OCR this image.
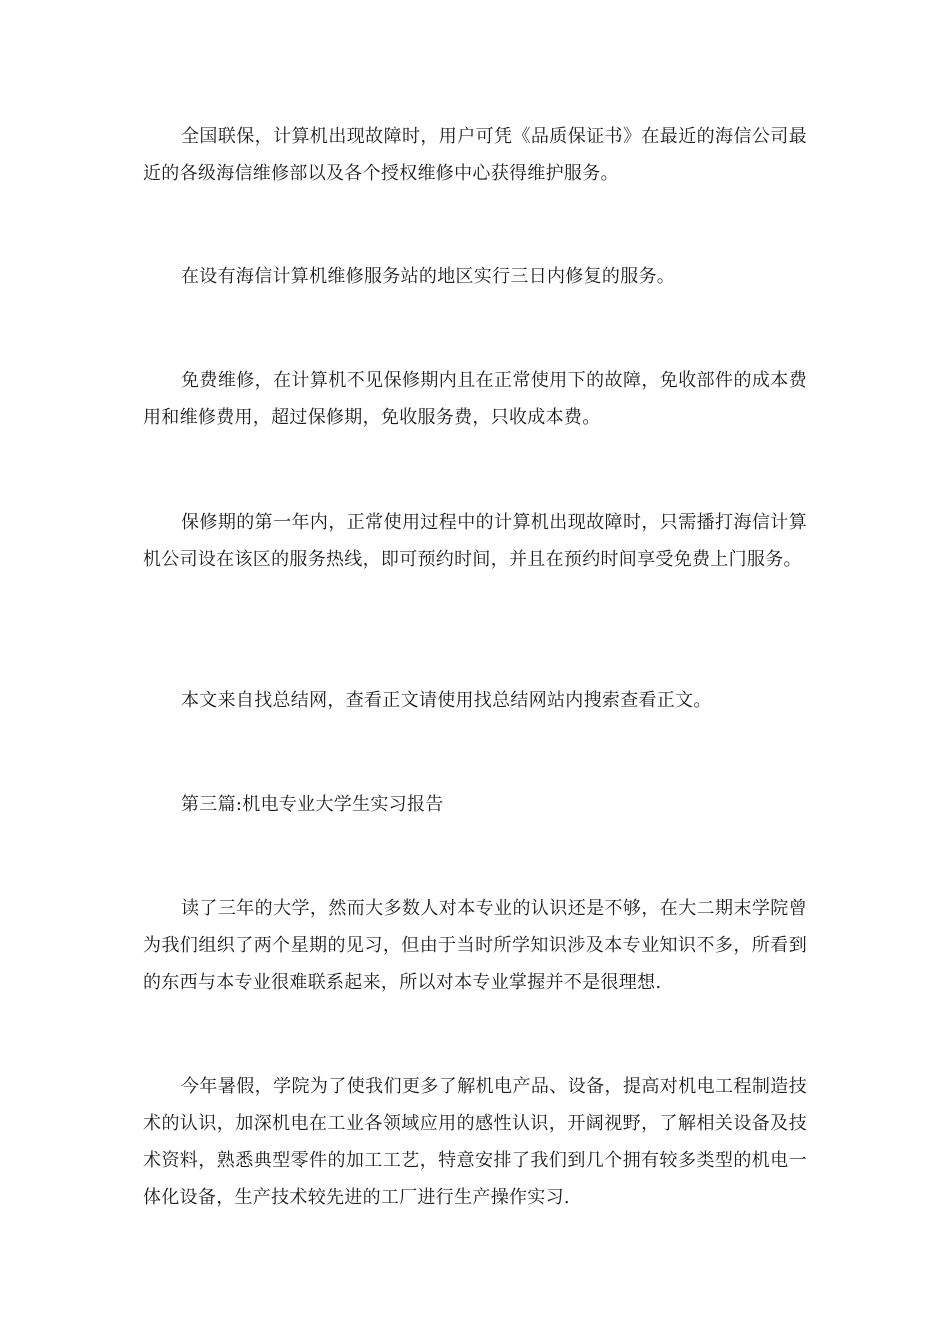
全国联保，计算机出现故障时，用户可凭《品质保证书》在最近的海信公司最近的各级海信维修部以及各个授权维修中心获得维护服务。

在设有海信计算机维修服务站的地区实行三日内修复的服务。

免费维修，在计算机不见保修期内且在正常使用下的故障，免收部件的成本费用和维修费用，超过保修期，免收服务费，只收成本费。

保修期的第一年内，正常使用过程中的计算机出现故障时，只需播打海信计算机公司设在该区的服务热线，即可预约时间，并且在预约时间享受免费上门服务。

本文来自找总结网，查看正文请使用找总结网站内搜索查看正文。

第三篇:机电专业大学生实习报告

读了三年的大学，然而大多数人对本专业的认识还是不够，在大二期末学院曾为我们组织了两个星期的见习，但由于当时所学知识涉及本专业知识不多，所看到的东西与本专业很难联系起来，所以对本专业掌握并不是很理想.

今年暑假，学院为了使我们更多了解机电产品、设备，提高对机电工程制造技术的认识，加深机电在工业各领域应用的感性认识，开阔视野，了解相关设备及技术资料，熟悉典型零件的加工工艺，特意安排了我们到几个拥有较多类型的机电一体化设备，生产技术较先进的工厂进行生产操作实习.
